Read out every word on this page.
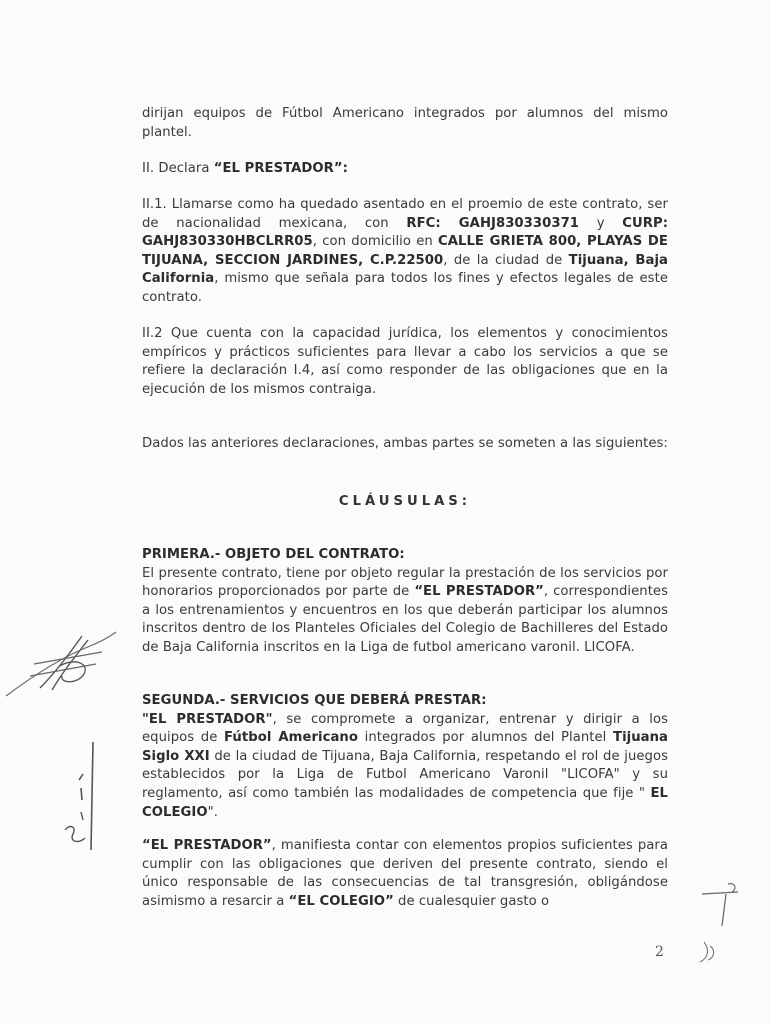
dirijan equipos de Fútbol Americano integrados por alumnos del mismo plantel.
II. Declara “EL PRESTADOR”:
II.1. Llamarse como ha quedado asentado en el proemio de este contrato, ser de nacionalidad mexicana, con RFC: GAHJ830330371 y CURP: GAHJ830330HBCLRR05, con domicilio en CALLE GRIETA 800, PLAYAS DE TIJUANA, SECCION JARDINES, C.P.22500, de la ciudad de Tijuana, Baja California, mismo que señala para todos los fines y efectos legales de este contrato.
II.2 Que cuenta con la capacidad jurídica, los elementos y conocimientos empíricos y prácticos suficientes para llevar a cabo los servicios a que se refiere la declaración I.4, así como responder de las obligaciones que en la ejecución de los mismos contraiga.
Dados las anteriores declaraciones, ambas partes se someten a las siguientes:
CLÁUSULAS:
PRIMERA.- OBJETO DEL CONTRATO:
El presente contrato, tiene por objeto regular la prestación de los servicios por honorarios proporcionados por parte de “EL PRESTADOR”, correspondientes a los entrenamientos y encuentros en los que deberán participar los alumnos inscritos dentro de los Planteles Oficiales del Colegio de Bachilleres del Estado de Baja California inscritos en la Liga de futbol americano varonil. LICOFA.
SEGUNDA.- SERVICIOS QUE DEBERÁ PRESTAR:
"EL PRESTADOR", se compromete a organizar, entrenar y dirigir a los equipos de Fútbol Americano integrados por alumnos del Plantel Tijuana Siglo XXI de la ciudad de Tijuana, Baja California, respetando el rol de juegos establecidos por la Liga de Futbol Americano Varonil "LICOFA" y su reglamento, así como también las modalidades de competencia que fije " EL COLEGIO".
“EL PRESTADOR”, manifiesta contar con elementos propios suficientes para cumplir con las obligaciones que deriven del presente contrato, siendo el único responsable de las consecuencias de tal transgresión, obligándose asimismo a resarcir a “EL COLEGIO” de cualesquier gasto o
2
